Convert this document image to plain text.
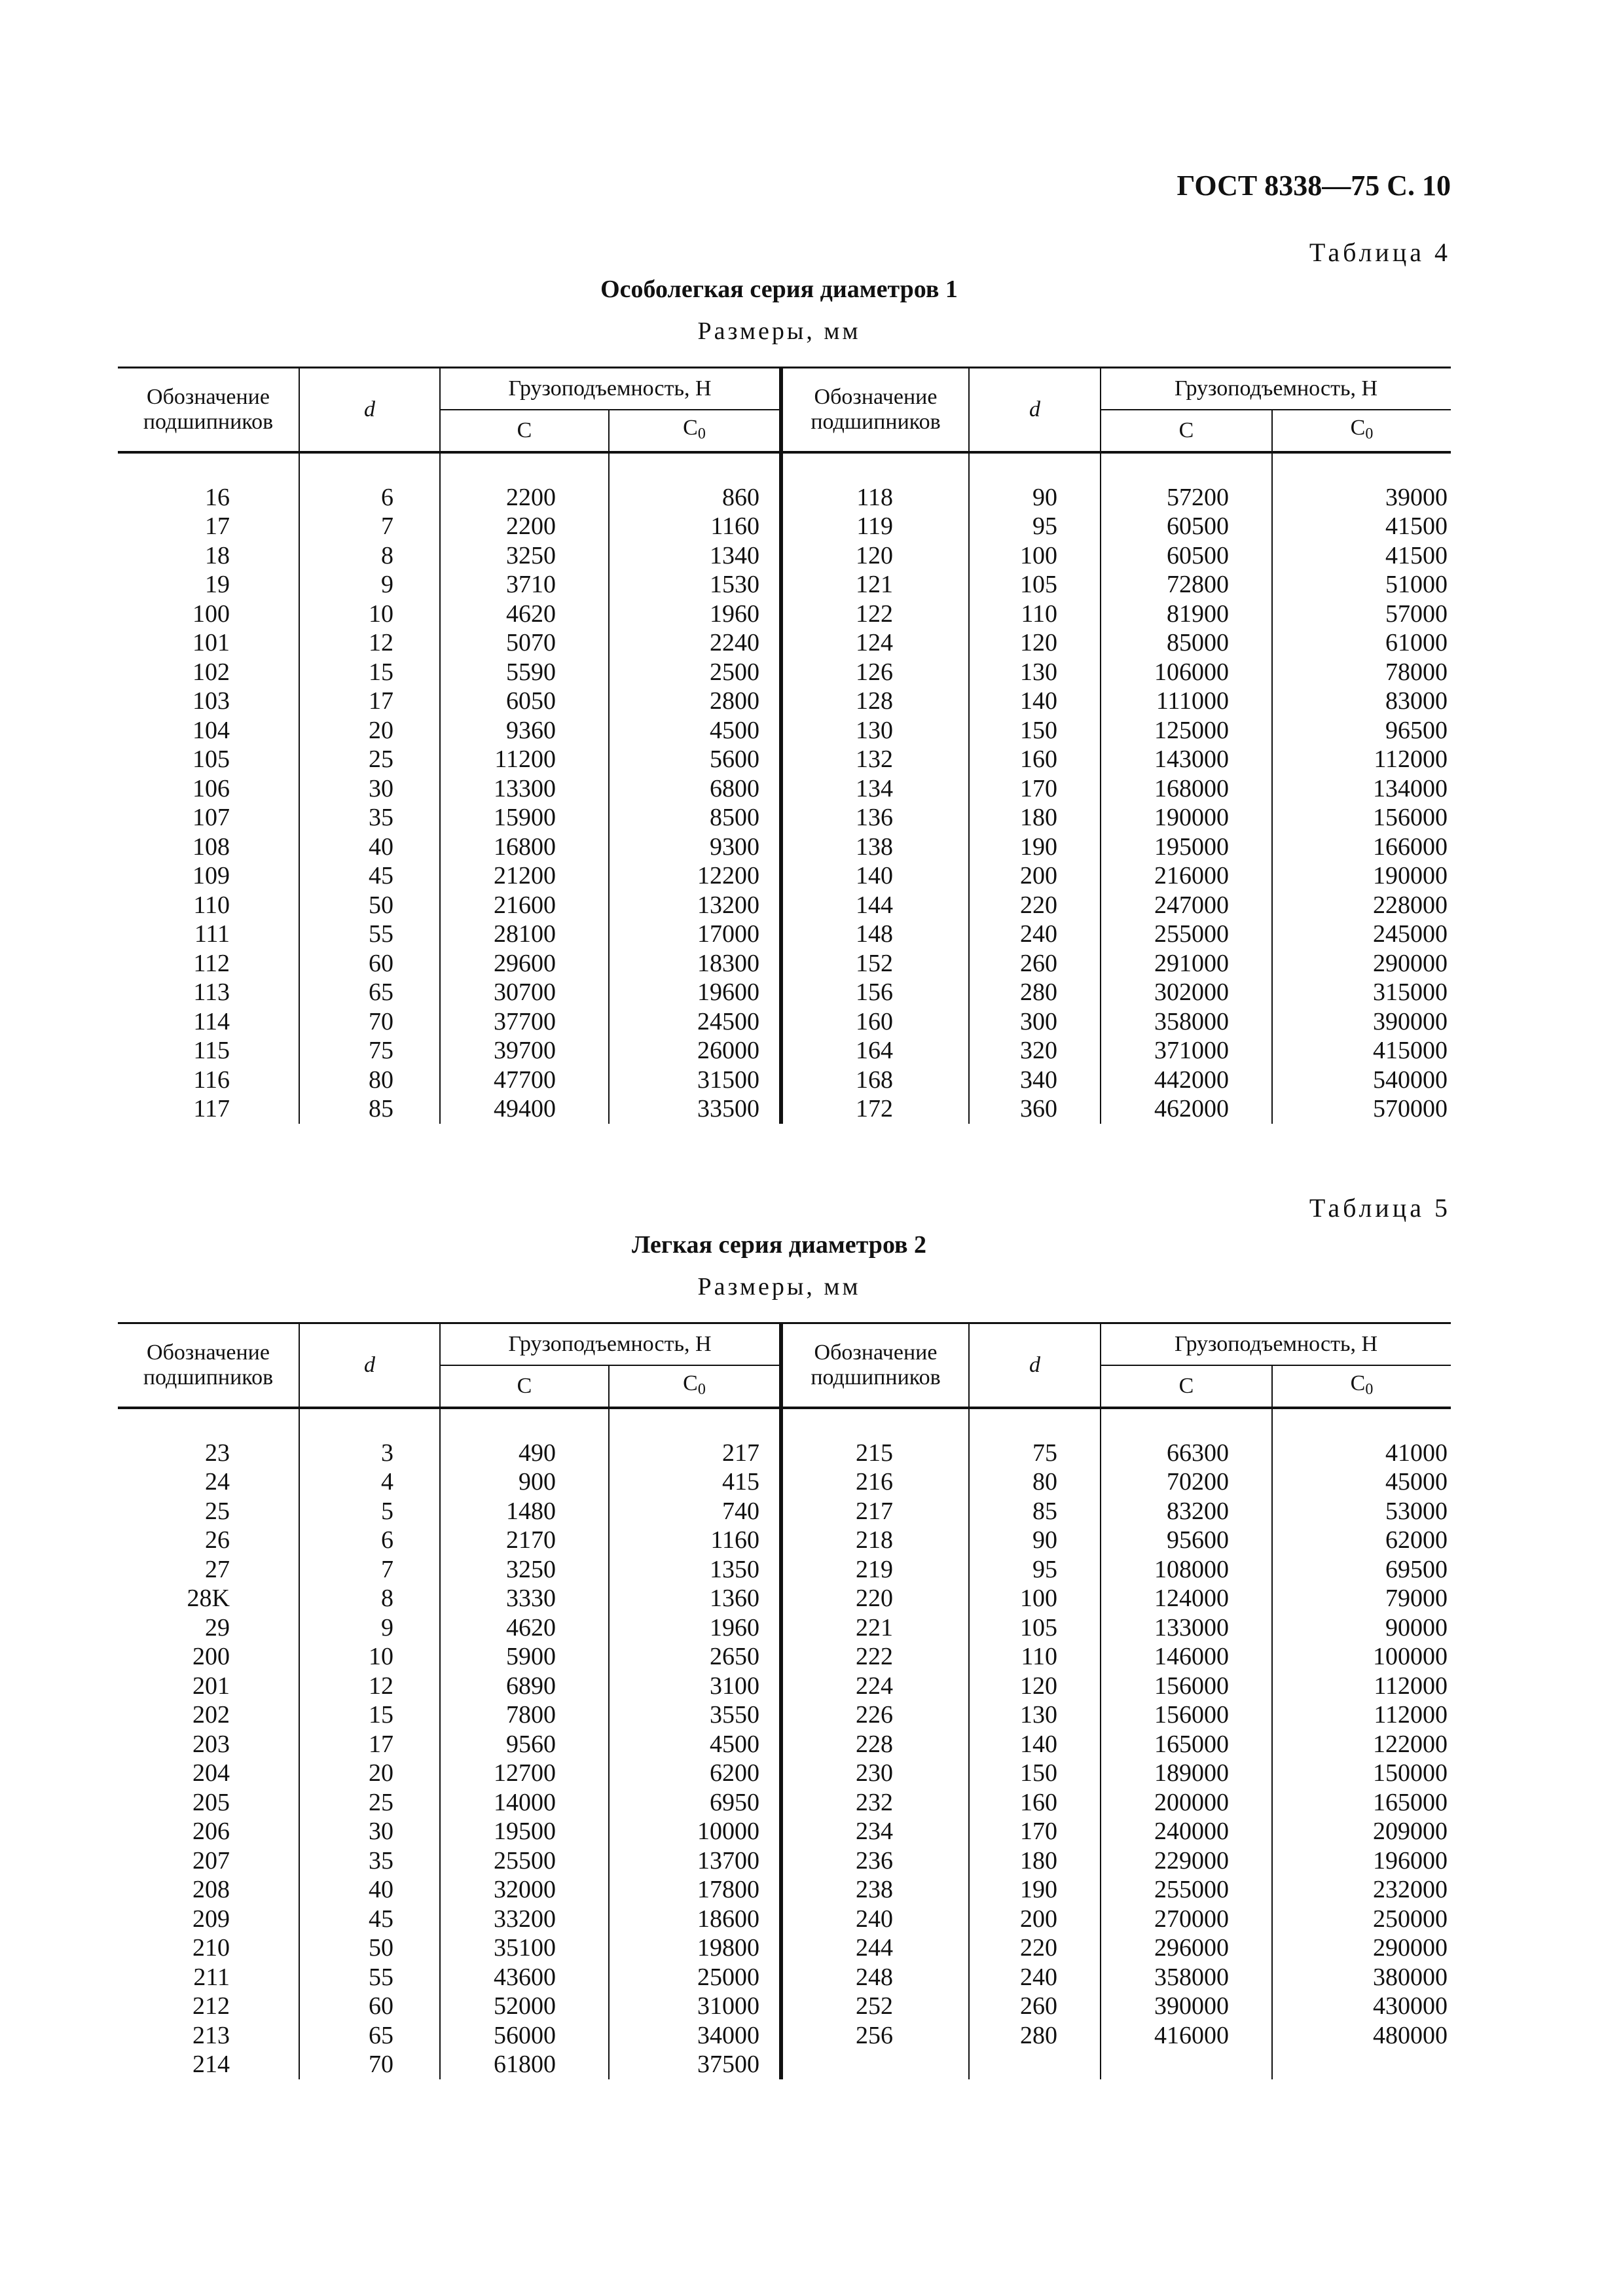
ГОСТ 8338—75 С. 10
Таблица 4
Особолегкая серия диаметров 1
Размеры, мм
Обозначение подшипников	d	Грузоподъемность, Н		Обозначение подшипников	d	Грузоподъемность, Н	
		C	$C_0$			C	$C_0$

16	6	2200	860	118	90	57200	39000
17	7	2200	1160	119	95	60500	41500
18	8	3250	1340	120	100	60500	41500
19	9	3710	1530	121	105	72800	51000
100	10	4620	1960	122	110	81900	57000
101	12	5070	2240	124	120	85000	61000
102	15	5590	2500	126	130	106000	78000
103	17	6050	2800	128	140	111000	83000
104	20	9360	4500	130	150	125000	96500
105	25	11200	5600	132	160	143000	112000
106	30	13300	6800	134	170	168000	134000
107	35	15900	8500	136	180	190000	156000
108	40	16800	9300	138	190	195000	166000
109	45	21200	12200	140	200	216000	190000
110	50	21600	13200	144	220	247000	228000
111	55	28100	17000	148	240	255000	245000
112	60	29600	18300	152	260	291000	290000
113	65	30700	19600	156	280	302000	315000
114	70	37700	24500	160	300	358000	390000
115	75	39700	26000	164	320	371000	415000
116	80	47700	31500	168	340	442000	540000
117	85	49400	33500	172	360	462000	570000
Таблица 5
Легкая серия диаметров 2
Размеры, мм
Обозначение подшипников	d	Грузоподъемность, Н		Обозначение подшипников	d	Грузоподъемность, Н	
		C	$C_0$			C	$C_0$

23	3	490	217	215	75	66300	41000
24	4	900	415	216	80	70200	45000
25	5	1480	740	217	85	83200	53000
26	6	2170	1160	218	90	95600	62000
27	7	3250	1350	219	95	108000	69500
28K	8	3330	1360	220	100	124000	79000
29	9	4620	1960	221	105	133000	90000
200	10	5900	2650	222	110	146000	100000
201	12	6890	3100	224	120	156000	112000
202	15	7800	3550	226	130	156000	112000
203	17	9560	4500	228	140	165000	122000
204	20	12700	6200	230	150	189000	150000
205	25	14000	6950	232	160	200000	165000
206	30	19500	10000	234	170	240000	209000
207	35	25500	13700	236	180	229000	196000
208	40	32000	17800	238	190	255000	232000
209	45	33200	18600	240	200	270000	250000
210	50	35100	19800	244	220	296000	290000
211	55	43600	25000	248	240	358000	380000
212	60	52000	31000	252	260	390000	430000
213	65	56000	34000	256	280	416000	480000
214	70	61800	37500				
